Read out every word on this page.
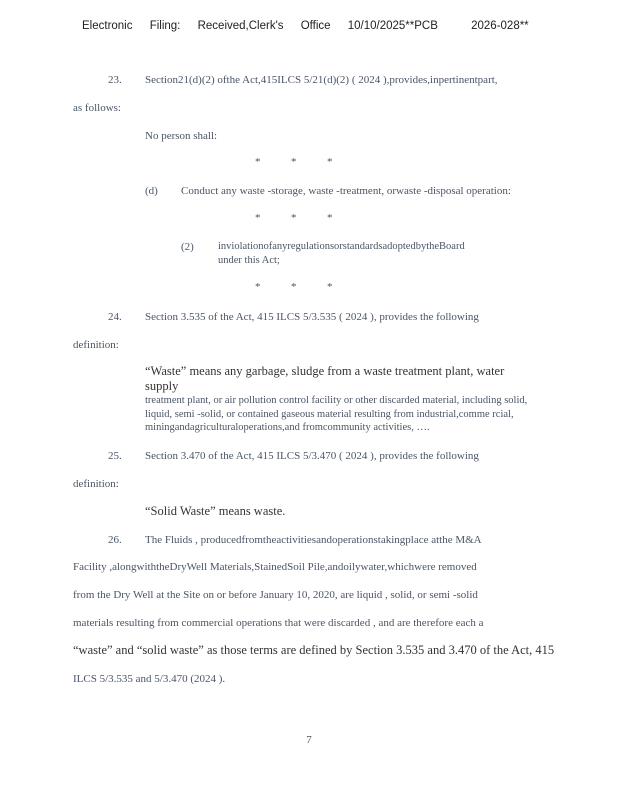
Electronic Filing: Received,Clerk's Office 10/10/2025**PCB	2026-028**
23. Section21(d)(2) ofthe Act,415ILCS 5/21(d)(2) ( 2024 ),provides,inpertinentpart,
as follows:
No person shall:
*	*	*
(d) Conduct any waste -storage, waste -treatment, orwaste -disposal operation:
*	*	*
(2) inviolationofanyregulationsorstandardsadoptedbytheBoard
under this Act;
*	*	*
24. Section 3.535 of the Act, 415 ILCS 5/3.535 ( 2024 ), provides the following
definition:
“Waste” means any garbage, sludge from a waste treatment plant, water supply
treatment plant, or air pollution control facility or other discarded material, including solid, liquid, semi -solid, or contained gaseous material resulting from industrial,comme rcial, miningandagriculturaloperations,and fromcommunity activities, ….
25. Section 3.470 of the Act, 415 ILCS 5/3.470 ( 2024 ), provides the following
definition:
“Solid Waste” means waste.
26. The Fluids , producedfromtheactivitiesandoperationstakingplace atthe M&A
Facility ,alongwiththeDryWell Materials,StainedSoil Pile,andoilywater,whichwere removed
from the Dry Well at the Site on or before January 10, 2020, are liquid , solid, or semi -solid
materials resulting from commercial operations that were discarded , and are therefore each a
“waste” and “solid waste” as those terms are defined by Section 3.535 and 3.470 of the Act, 415
ILCS 5/3.535 and 5/3.470 (2024 ).
7
